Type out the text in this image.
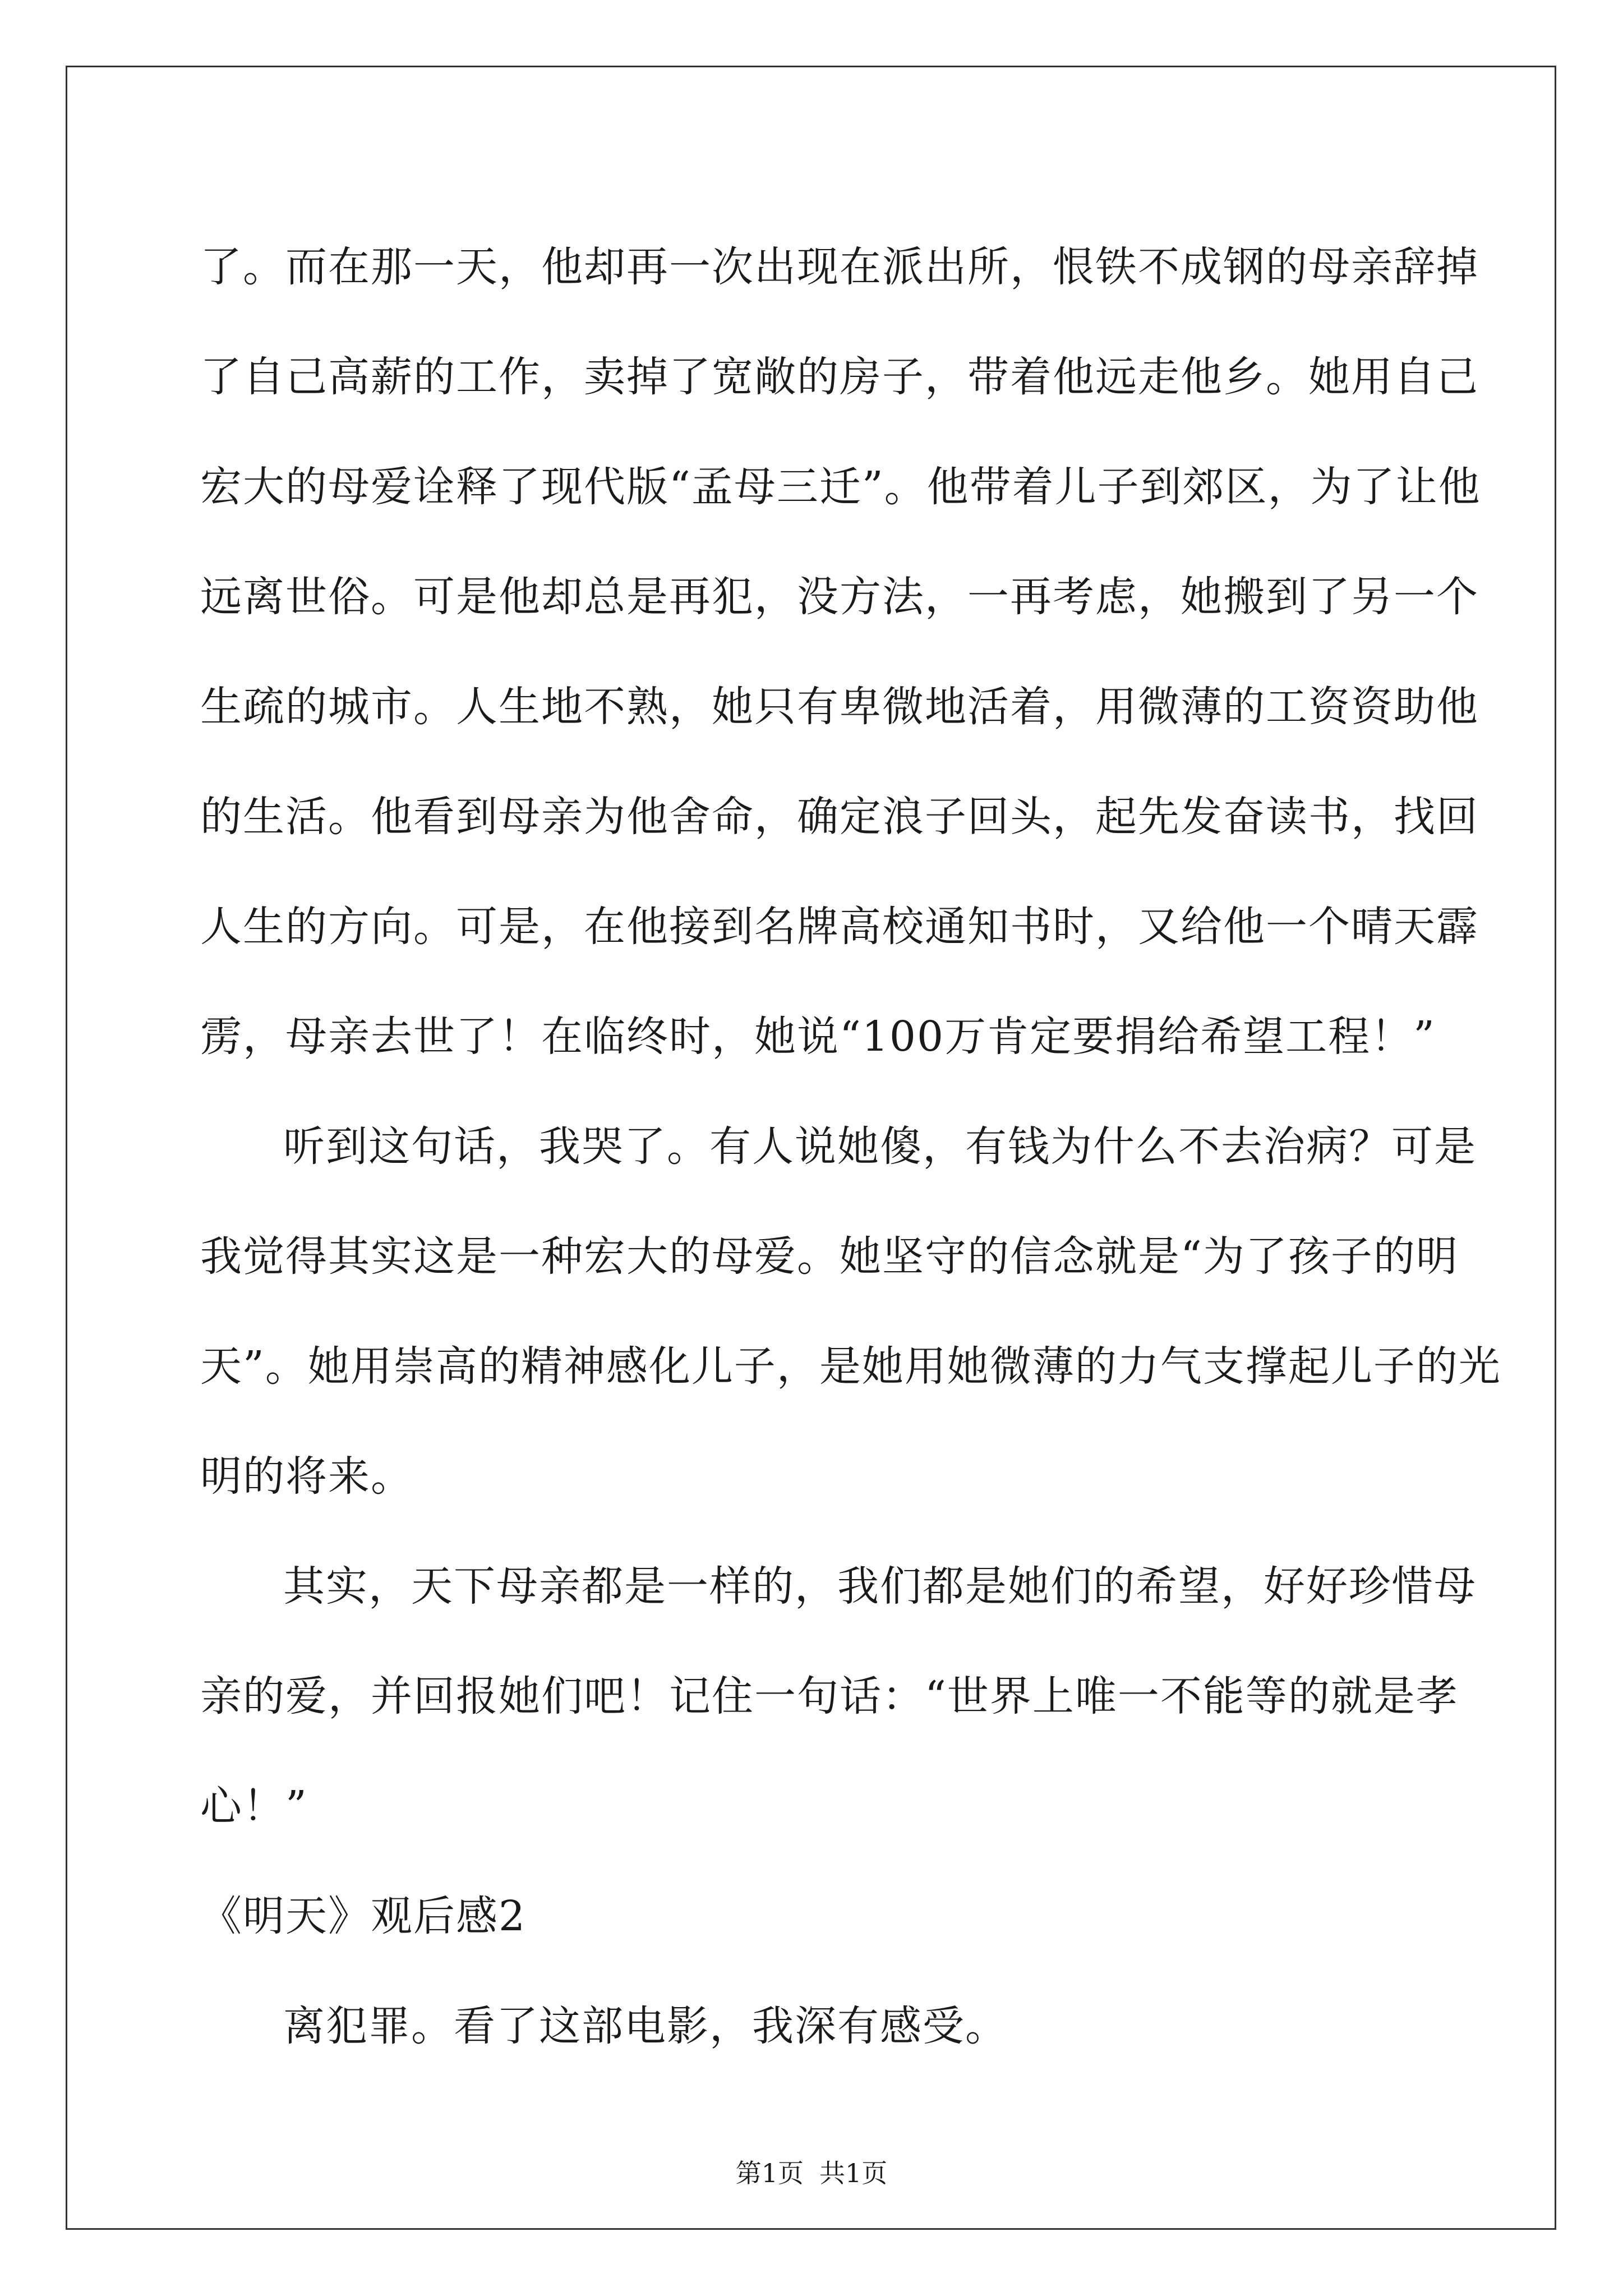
了。而在那一天，他却再一次出现在派出所，恨铁不成钢的母亲辞掉
了自己高薪的工作，卖掉了宽敞的房子，带着他远走他乡。她用自己
宏大的母爱诠释了现代版“孟母三迁”。他带着儿子到郊区，为了让他
远离世俗。可是他却总是再犯，没方法，一再考虑，她搬到了另一个
生疏的城市。人生地不熟，她只有卑微地活着，用微薄的工资资助他
的生活。他看到母亲为他舍命，确定浪子回头，起先发奋读书，找回
人生的方向。可是，在他接到名牌高校通知书时，又给他一个晴天霹
雳，母亲去世了！在临终时，她说“100万肯定要捐给希望工程！”
听到这句话，我哭了。有人说她傻，有钱为什么不去治病？可是
我觉得其实这是一种宏大的母爱。她坚守的信念就是“为了孩子的明
天”。她用崇高的精神感化儿子，是她用她微薄的力气支撑起儿子的光
明的将来。
其实，天下母亲都是一样的，我们都是她们的希望，好好珍惜母
亲的爱，并回报她们吧！记住一句话：“世界上唯一不能等的就是孝
心！”
《明天》观后感2
离犯罪。看了这部电影，我深有感受。
第1页 共1页
